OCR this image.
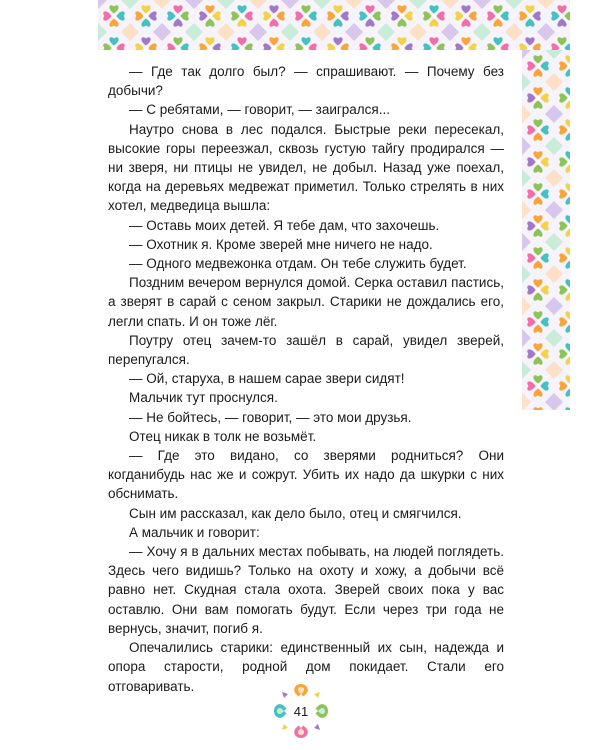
— Где так долго был? — спрашивают. — Почему без добычи?

— С ребятами, — говорит, — заигрался...

Наутро снова в лес подался. Быстрые реки пересекал, высокие горы переезжал, сквозь густую тайгу продирался — ни зверя, ни птицы не увидел, не добыл. Назад уже поехал, когда на деревьях медвежат приметил. Только стрелять в них хотел, медведица вышла:

— Оставь моих детей. Я тебе дам, что захочешь.

— Охотник я. Кроме зверей мне ничего не надо.

— Одного медвежонка отдам. Он тебе служить будет.

Поздним вечером вернулся домой. Серка оставил пастись, а зверят в сарай с сеном закрыл. Старики не дождались его, легли спать. И он тоже лёг.

Поутру отец зачем-то зашёл в сарай, увидел зверей, перепугался.

— Ой, старуха, в нашем сарае звери сидят!

Мальчик тут проснулся.

— Не бойтесь, — говорит, — это мои друзья.

Отец никак в толк не возьмёт.

— Где это видано, со зверями родниться? Они когданибудь нас же и сожрут. Убить их надо да шкурки с них обснимать.

Сын им рассказал, как дело было, отец и смягчился.

А мальчик и говорит:

— Хочу я в дальних местах побывать, на людей поглядеть. Здесь чего видишь? Только на охоту и хожу, а добычи всё равно нет. Скудная стала охота. Зверей своих пока у вас оставлю. Они вам помогать будут. Если через три года не вернусь, значит, погиб я.

Опечалились старики: единственный их сын, надежда и опора старости, родной дом покидает. Стали его отговаривать.

41
